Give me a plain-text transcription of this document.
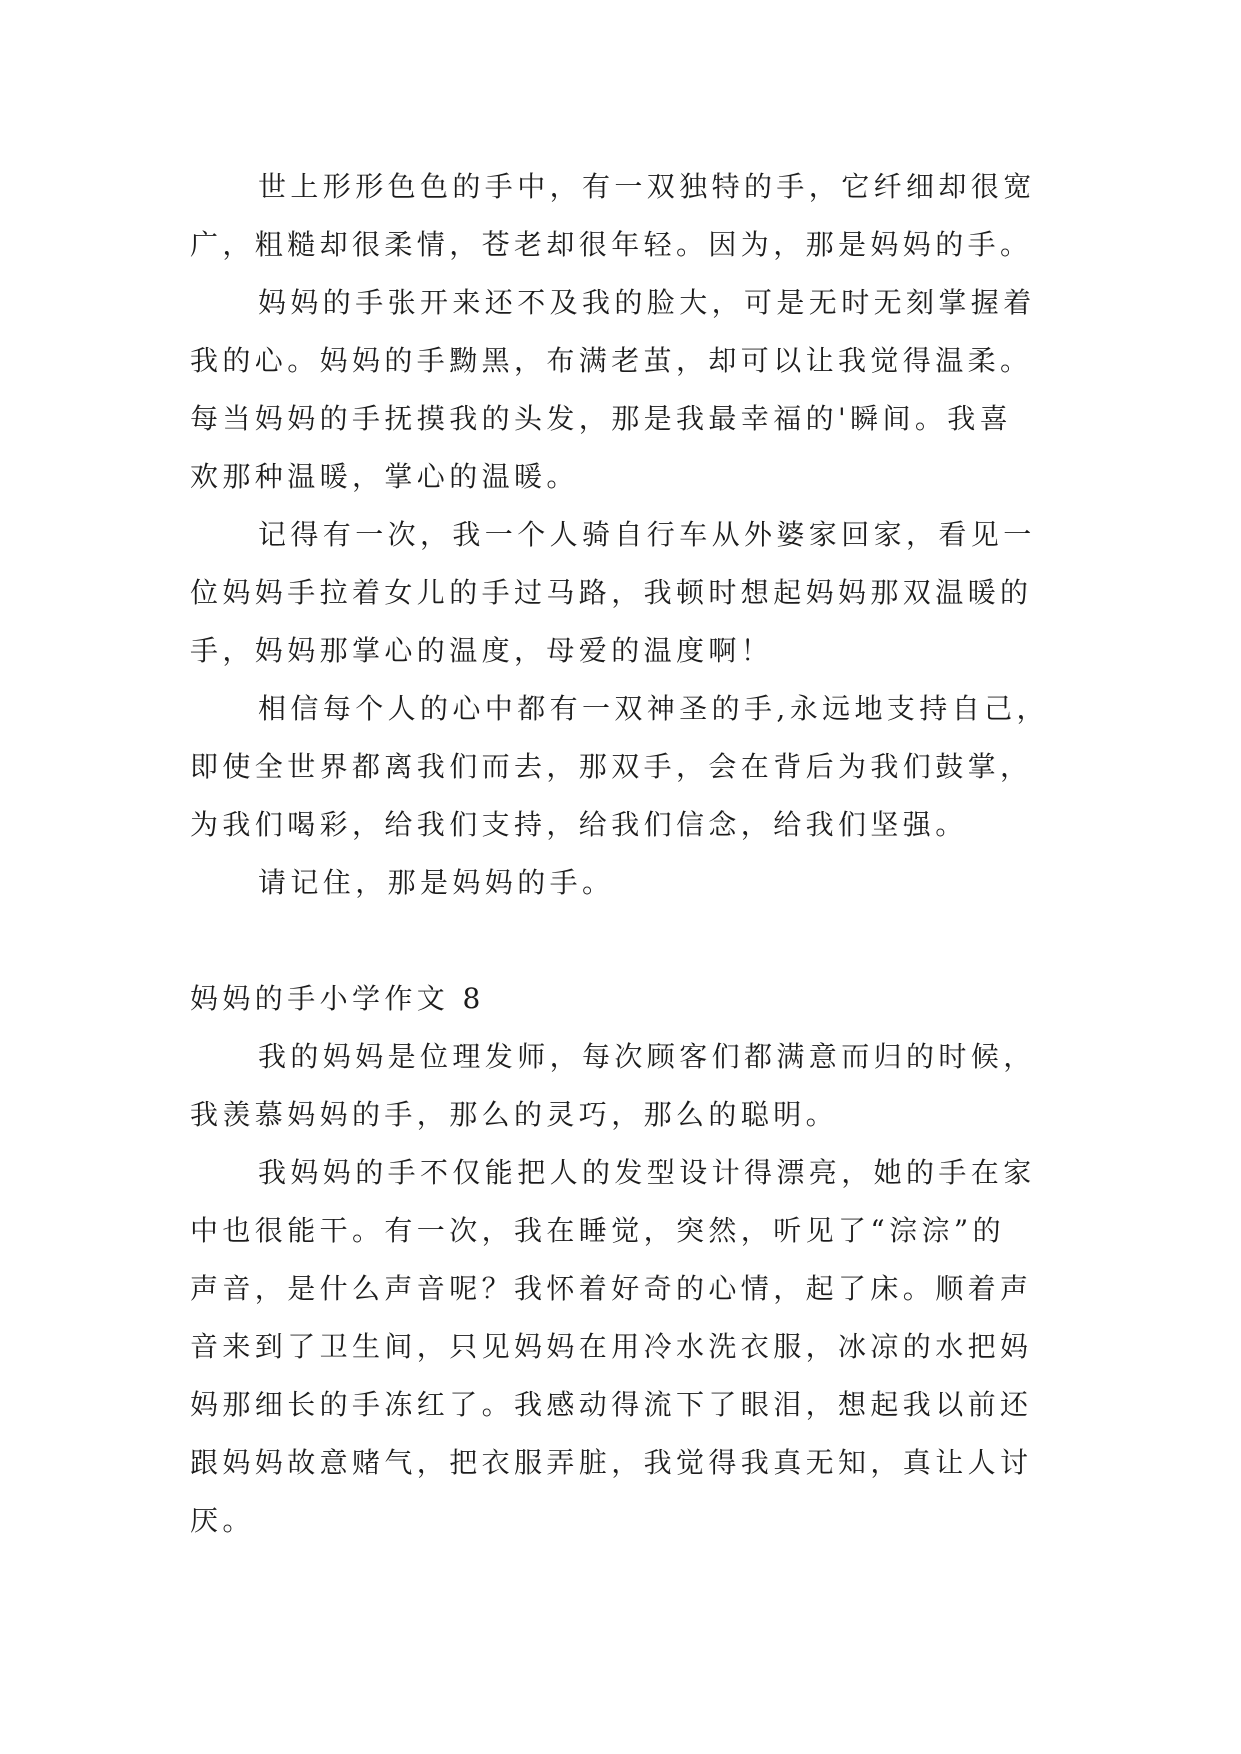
世上形形色色的手中，有一双独特的手，它纤细却很宽
广，粗糙却很柔情，苍老却很年轻。因为，那是妈妈的手。
妈妈的手张开来还不及我的脸大，可是无时无刻掌握着
我的心。妈妈的手黝黑，布满老茧，却可以让我觉得温柔。
每当妈妈的手抚摸我的头发，那是我最幸福的'瞬间。我喜
欢那种温暖，掌心的温暖。
记得有一次，我一个人骑自行车从外婆家回家，看见一
位妈妈手拉着女儿的手过马路，我顿时想起妈妈那双温暖的
手，妈妈那掌心的温度，母爱的温度啊！
相信每个人的心中都有一双神圣的手,永远地支持自己，
即使全世界都离我们而去，那双手，会在背后为我们鼓掌，
为我们喝彩，给我们支持，给我们信念，给我们坚强。
请记住，那是妈妈的手。
妈妈的手小学作文 8
我的妈妈是位理发师，每次顾客们都满意而归的时候，
我羡慕妈妈的手，那么的灵巧，那么的聪明。
我妈妈的手不仅能把人的发型设计得漂亮，她的手在家
中也很能干。有一次，我在睡觉，突然，听见了“淙淙”的
声音，是什么声音呢？我怀着好奇的心情，起了床。顺着声
音来到了卫生间，只见妈妈在用冷水洗衣服，冰凉的水把妈
妈那细长的手冻红了。我感动得流下了眼泪，想起我以前还
跟妈妈故意赌气，把衣服弄脏，我觉得我真无知，真让人讨
厌。
